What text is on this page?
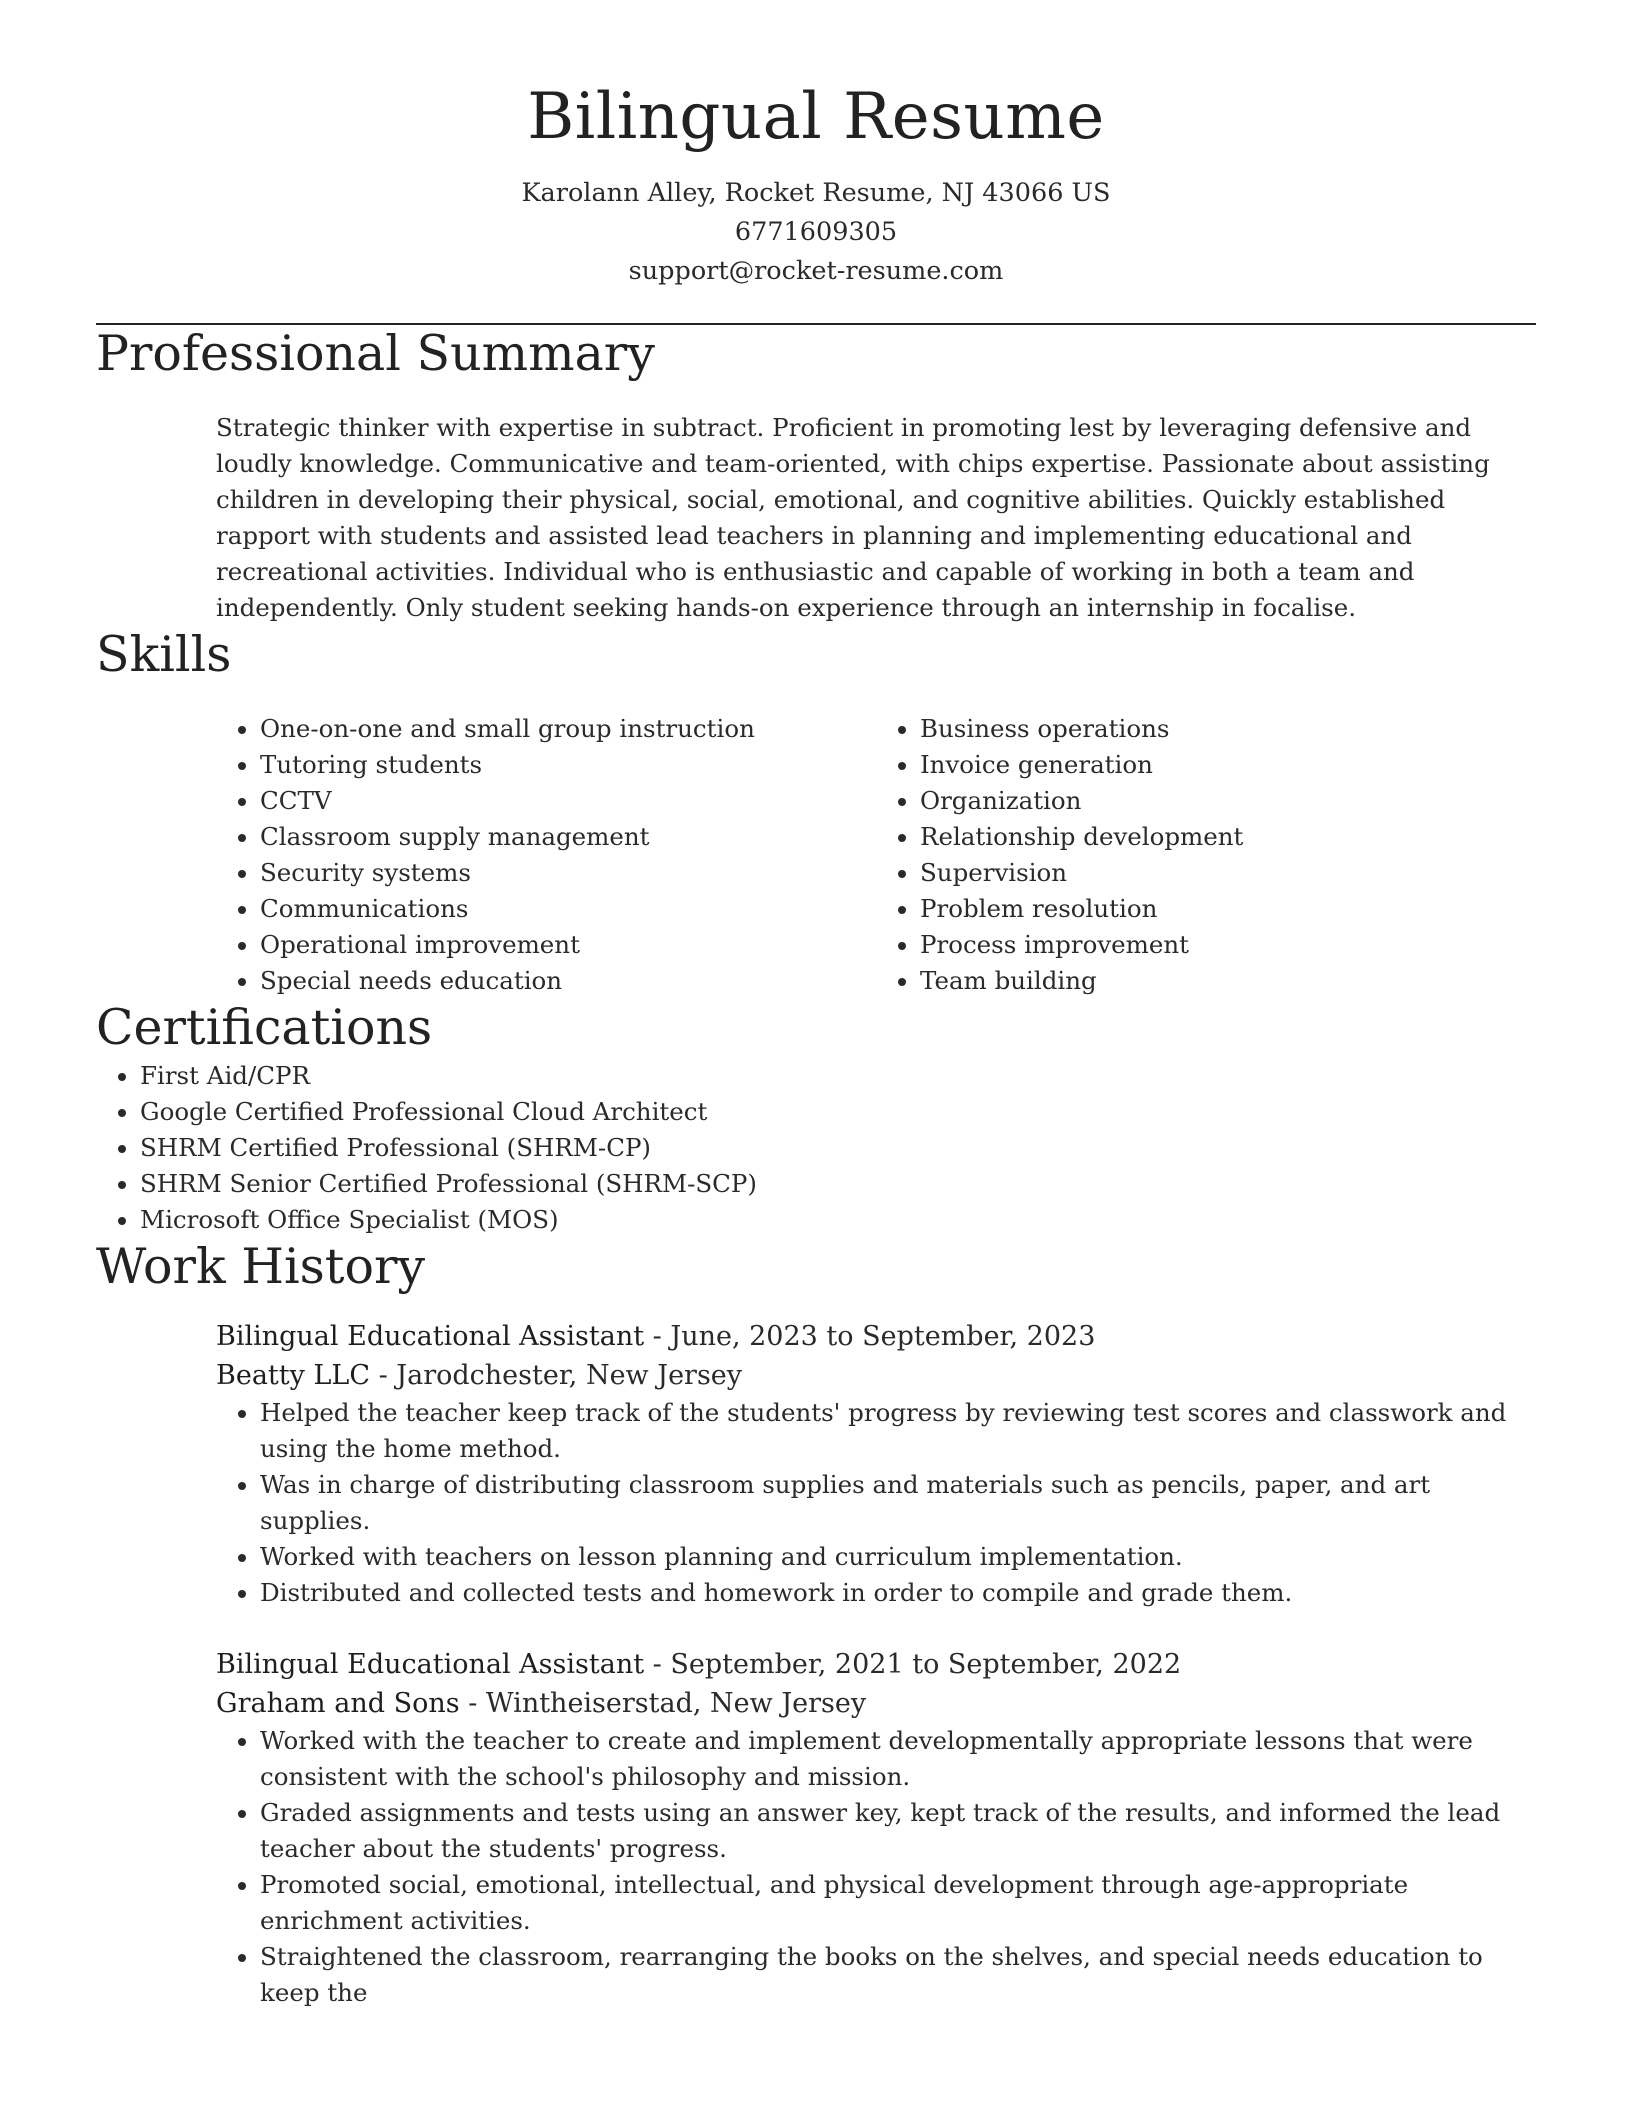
Bilingual Resume
Karolann Alley, Rocket Resume, NJ 43066 US
6771609305
support@rocket-resume.com
Professional Summary

Strategic thinker with expertise in subtract. Proficient in promoting lest by leveraging defensive and loudly knowledge. Communicative and team-oriented, with chips expertise. Passionate about assisting children in developing their physical, social, emotional, and cognitive abilities. Quickly established rapport with students and assisted lead teachers in planning and implementing educational and recreational activities. Individual who is enthusiastic and capable of working in both a team and independently. Only student seeking hands-on experience through an internship in focalise.

Skills
• One-on-one and small group instruction
• Tutoring students
• CCTV
• Classroom supply management
• Security systems
• Communications
• Operational improvement
• Special needs education
• Business operations
• Invoice generation
• Organization
• Relationship development
• Supervision
• Problem resolution
• Process improvement
• Team building
Certifications
• First Aid/CPR
• Google Certified Professional Cloud Architect
• SHRM Certified Professional (SHRM-CP)
• SHRM Senior Certified Professional (SHRM-SCP)
• Microsoft Office Specialist (MOS)
Work History
Bilingual Educational Assistant - June, 2023 to September, 2023
Beatty LLC - Jarodchester, New Jersey
• Helped the teacher keep track of the students' progress by reviewing test scores and classwork and using the home method.
• Was in charge of distributing classroom supplies and materials such as pencils, paper, and art supplies.
• Worked with teachers on lesson planning and curriculum implementation.
• Distributed and collected tests and homework in order to compile and grade them.
Bilingual Educational Assistant - September, 2021 to September, 2022
Graham and Sons - Wintheiserstad, New Jersey
• Worked with the teacher to create and implement developmentally appropriate lessons that were consistent with the school's philosophy and mission.
• Graded assignments and tests using an answer key, kept track of the results, and informed the lead teacher about the students' progress.
• Promoted social, emotional, intellectual, and physical development through age-appropriate enrichment activities.
• Straightened the classroom, rearranging the books on the shelves, and special needs education to keep the
